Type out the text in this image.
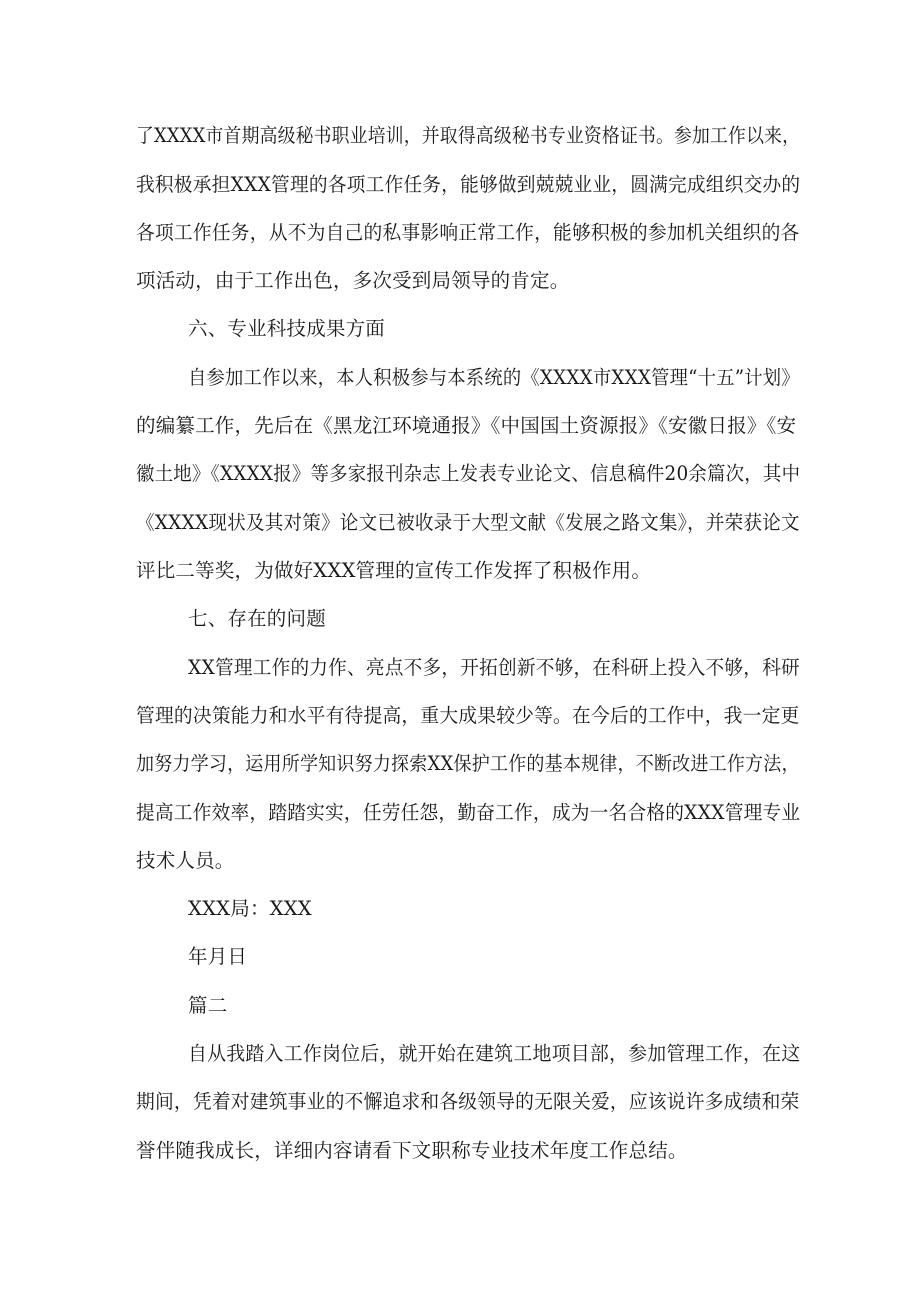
了XXXX市首期高级秘书职业培训，并取得高级秘书专业资格证书。参加工作以来，
我积极承担XXX管理的各项工作任务，能够做到兢兢业业，圆满完成组织交办的
各项工作任务，从不为自己的私事影响正常工作，能够积极的参加机关组织的各
项活动，由于工作出色，多次受到局领导的肯定。
六、专业科技成果方面
自参加工作以来，本人积极参与本系统的《XXXX市XXX管理“十五”计划》
的编纂工作，先后在《黑龙江环境通报》《中国国土资源报》《安徽日报》《安
徽土地》《XXXX报》等多家报刊杂志上发表专业论文、信息稿件20余篇次，其中
《XXXX现状及其对策》论文已被收录于大型文献《发展之路文集》，并荣获论文
评比二等奖，为做好XXX管理的宣传工作发挥了积极作用。
七、存在的问题
XX管理工作的力作、亮点不多，开拓创新不够，在科研上投入不够，科研
管理的决策能力和水平有待提高，重大成果较少等。在今后的工作中，我一定更
加努力学习，运用所学知识努力探索XX保护工作的基本规律，不断改进工作方法，
提高工作效率，踏踏实实，任劳任怨，勤奋工作，成为一名合格的XXX管理专业
技术人员。
XXX局：XXX
年月日
篇二
自从我踏入工作岗位后，就开始在建筑工地项目部，参加管理工作，在这
期间，凭着对建筑事业的不懈追求和各级领导的无限关爱，应该说许多成绩和荣
誉伴随我成长，详细内容请看下文职称专业技术年度工作总结。
